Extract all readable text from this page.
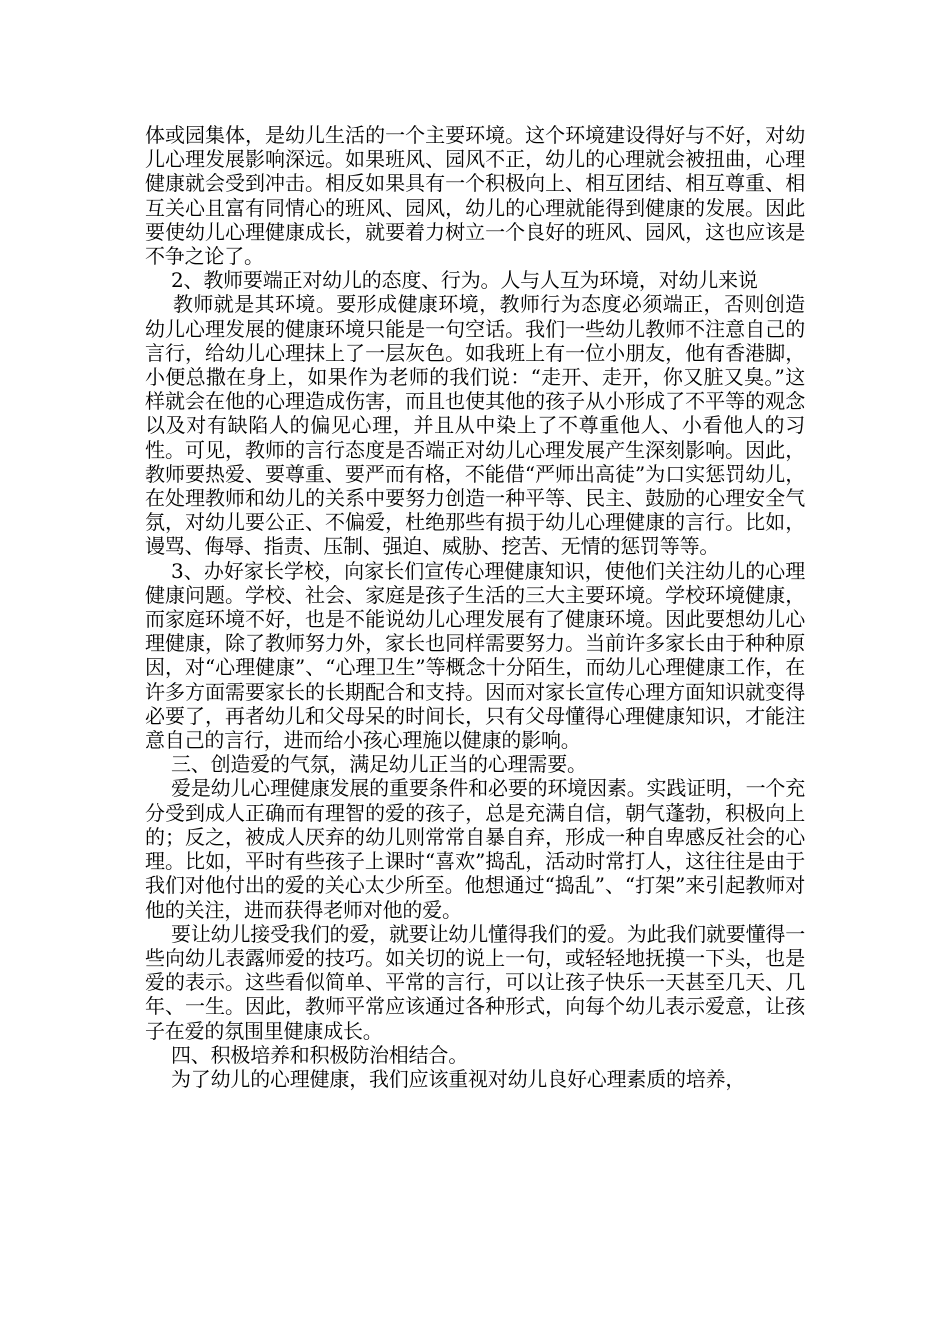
体或园集体，是幼儿生活的一个主要环境。这个环境建设得好与不好，对幼儿心理发展影响深远。如果班风、园风不正，幼儿的心理就会被扭曲，心理健康就会受到冲击。相反如果具有一个积极向上、相互团结、相互尊重、相互关心且富有同情心的班风、园风，幼儿的心理就能得到健康的发展。因此要使幼儿心理健康成长，就要着力树立一个良好的班风、园风，这也应该是不争之论了。

2、教师要端正对幼儿的态度、行为。人与人互为环境，对幼儿来说

教师就是其环境。要形成健康环境，教师行为态度必须端正，否则创造幼儿心理发展的健康环境只能是一句空话。我们一些幼儿教师不注意自己的言行，给幼儿心理抹上了一层灰色。如我班上有一位小朋友，他有香港脚，小便总撒在身上，如果作为老师的我们说：“走开、走开，你又脏又臭。”这样就会在他的心理造成伤害，而且也使其他的孩子从小形成了不平等的观念以及对有缺陷人的偏见心理，并且从中染上了不尊重他人、小看他人的习性。可见，教师的言行态度是否端正对幼儿心理发展产生深刻影响。因此，教师要热爱、要尊重、要严而有格，不能借“严师出高徒”为口实惩罚幼儿，在处理教师和幼儿的关系中要努力创造一种平等、民主、鼓励的心理安全气氛，对幼儿要公正、不偏爱，杜绝那些有损于幼儿心理健康的言行。比如，谩骂、侮辱、指责、压制、强迫、威胁、挖苦、无情的惩罚等等。

3、办好家长学校，向家长们宣传心理健康知识，使他们关注幼儿的心理健康问题。学校、社会、家庭是孩子生活的三大主要环境。学校环境健康，而家庭环境不好，也是不能说幼儿心理发展有了健康环境。因此要想幼儿心理健康，除了教师努力外，家长也同样需要努力。当前许多家长由于种种原因，对“心理健康”、“心理卫生”等概念十分陌生，而幼儿心理健康工作，在许多方面需要家长的长期配合和支持。因而对家长宣传心理方面知识就变得必要了，再者幼儿和父母呆的时间长，只有父母懂得心理健康知识，才能注意自己的言行，进而给小孩心理施以健康的影响。

三、创造爱的气氛，满足幼儿正当的心理需要。

爱是幼儿心理健康发展的重要条件和必要的环境因素。实践证明，一个充分受到成人正确而有理智的爱的孩子，总是充满自信，朝气蓬勃，积极向上的；反之，被成人厌弃的幼儿则常常自暴自弃，形成一种自卑感反社会的心理。比如，平时有些孩子上课时“喜欢”捣乱，活动时常打人，这往往是由于我们对他付出的爱的关心太少所至。他想通过“捣乱”、“打架”来引起教师对他的关注，进而获得老师对他的爱。

要让幼儿接受我们的爱，就要让幼儿懂得我们的爱。为此我们就要懂得一些向幼儿表露师爱的技巧。如关切的说上一句，或轻轻地抚摸一下头，也是爱的表示。这些看似简单、平常的言行，可以让孩子快乐一天甚至几天、几年、一生。因此，教师平常应该通过各种形式，向每个幼儿表示爱意，让孩子在爱的氛围里健康成长。

四、积极培养和积极防治相结合。

为了幼儿的心理健康，我们应该重视对幼儿良好心理素质的培养，
